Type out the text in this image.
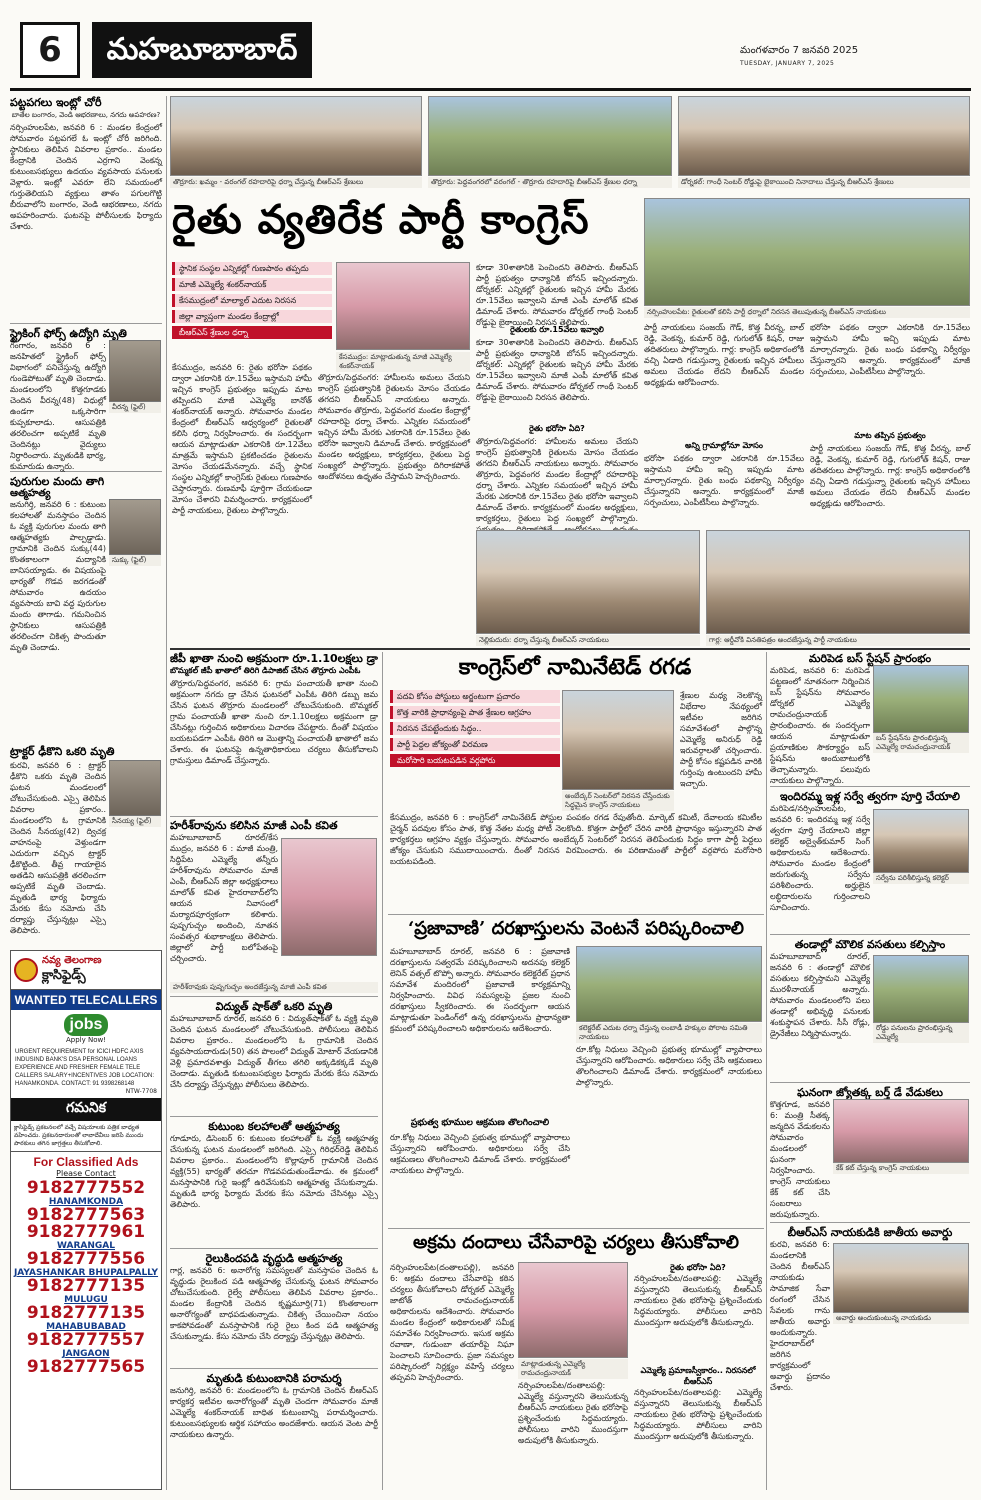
6	మహబూబాబాద్	మంగళవారం 7 జనవరి 2025
TUESDAY, JANUARY 7, 2025
పట్టపగలు ఇంట్లో చోరీ
బాతేల బంగారం, వెండి ఆభరణాలు, నగదు అపహరణ?
నర్సింహులపేట, జనవరి 6 : మండల కేంద్రంలో సోమవారం పట్టపగలే ఓ ఇంట్లో చోరీ జరిగింది. స్థానికులు తెలిపిన వివరాల ప్రకారం.. మండల కేంద్రానికి చెందిన ఎర్రగాని వెంకన్న కుటుంబసభ్యులు ఉదయం వ్యవసాయ పనులకు వెళ్లారు. ఇంట్లో ఎవరూ లేని సమయంలో గుర్తుతెలియని వ్యక్తులు తాళం పగులగొట్టి బీరువాలోని బంగారం, వెండి ఆభరణాలు, నగదు అపహరించారు. ఘటనపై పోలీసులకు ఫిర్యాదు చేశారు.
స్ట్రైకింగ్ ఫోర్స్ ఉద్యోగి మృతి
గంగారం, జనవరి 6 : జనహితలో స్ట్రైకింగ్ ఫోర్స్ విభాగంలో పనిచేస్తున్న ఉద్యోగి గుండెపోటుతో మృతి చెందాడు. మండలంలోని కొత్తగూడకు చెందిన వీరన్న(48) విధుల్లో ఉండగా ఒక్కసారిగా కుప్పకూలాడు. ఆసుపత్రికి తరలించగా అప్పటికే మృతి చెందినట్లు వైద్యులు నిర్ధారించారు. మృతుడికి భార్య, కుమారుడు ఉన్నారు.
వీరన్న (ఫైల్)
పురుగుల మందు తాగి
ఆత్మహత్య
జనుగిర్తి, జనవరి 6 : కుటుంబ కలహాలతో మనస్తాపం చెందిన ఓ వ్యక్తి పురుగుల మందు తాగి ఆత్మహత్యకు పాల్పడ్డాడు. గ్రామానికి చెందిన సుక్కు(44) కొంతకాలంగా మద్యానికి బానిసయ్యాడు. ఈ విషయంపై భార్యతో గొడవ జరగడంతో సోమవారం ఉదయం వ్యవసాయ బావి వద్ద పురుగుల మందు తాగాడు. గమనించిన స్థానికులు ఆసుపత్రికి తరలించగా చికిత్స పొందుతూ మృతి చెందాడు.
సుక్కు (ఫైల్)
ట్రాక్టర్ ఢీకొని ఒకరి మృతి
కురవి, జనవరి 6 : ట్రాక్టర్ ఢీకొని ఒకరు మృతి చెందిన ఘటన మండలంలో చోటుచేసుకుంది. ఎస్సై తెలిపిన వివరాల ప్రకారం.. మండలంలోని ఓ గ్రామానికి చెందిన సీనయ్య(42) ద్విచక్ర వాహనంపై వెళ్తుండగా ఎదురుగా వచ్చిన ట్రాక్టర్ ఢీకొట్టింది. తీవ్ర గాయాలైన అతడిని ఆసుపత్రికి తరలించగా అప్పటికే మృతి చెందాడు. మృతుడి భార్య ఫిర్యాదు మేరకు కేసు నమోదు చేసి దర్యాప్తు చేస్తున్నట్లు ఎస్సై తెలిపారు.
సీనయ్య (ఫైల్)
నవ్య తెలంగాణ
క్లాసిఫైడ్స్
WANTED TELECALLERS
jobs
Apply Now!
URGENT REQUIREMENT for ICICI HDFC AXIS INDUSIND BANK'S DSA PERSONAL LOANS EXPERIENCE AND FRESHER FEMALE TELE CALLERS SALARY+INCENTIVES JOB LOCATION: HANAMKONDA. CONTACT: 91 9398268148
NTW-7708
గమనిక
క్లాసిఫైడ్స్ ప్రకటనలలో వచ్చే విషయాలకు పత్రిక బాధ్యత వహించదు. ప్రకటనదారులతో లావాదేవీలు జరిపే ముందు పాఠకులు తగిన జాగ్రత్తలు తీసుకోవాలి.
For Classified Ads
Please Contact
9182777552
HANAMKONDA
9182777563
9182777961
WARANGAL
9182777556
JAYASHANKAR BHUPALPALLY
9182777135
MULUGU
9182777135
MAHABUBABAD
9182777557
JANGAON
9182777565
తొర్రూరు: ఖమ్మం - వరంగల్ రహదారిపై ధర్నా చేస్తున్న బీఆర్ఎస్ శ్రేణులు	తొర్రూరు: పెద్దవంగరలో వరంగల్ - తొర్రూరు రహదారిపై బీఆర్ఎస్ శ్రేణుల ధర్నా	డోర్నకల్: గాంధీ సెంటర్ రోడ్డుపై బైఠాయించి నినాదాలు చేస్తున్న బీఆర్ఎస్ శ్రేణులు
రైతు వ్యతిరేక పార్టీ కాంగ్రెస్
స్థానిక సంస్థల ఎన్నికల్లో గుణపాఠం తప్పదు
మాజీ ఎమ్మెల్యే శంకర్‌నాయక్
కేసముద్రంలో మాల్యాల్ ఎదుట నిరసన
జిల్లా వ్యాప్తంగా మండల కేంద్రాల్లో
బీఆర్ఎస్ శ్రేణుల ధర్నా
కేసముద్రం: మాట్లాడుతున్న మాజీ ఎమ్మెల్యే శంకర్‌నాయక్
కేసముద్రం, జనవరి 6: రైతు భరోసా పథకం ద్వారా ఎకరానికి రూ.15వేలు ఇస్తామని హామీ ఇచ్చిన కాంగ్రెస్ ప్రభుత్వం ఇప్పుడు మాట తప్పిందని మాజీ ఎమ్మెల్యే బానోత్ శంకర్‌నాయక్ అన్నారు. సోమవారం మండల కేంద్రంలో బీఆర్ఎస్ ఆధ్వర్యంలో రైతులతో కలిసి ధర్నా నిర్వహించారు. ఈ సందర్భంగా ఆయన మాట్లాడుతూ ఎకరానికి రూ.12వేలు మాత్రమే ఇస్తామని ప్రకటించడం రైతులను మోసం చేయడమేనన్నారు. వచ్చే స్థానిక సంస్థల ఎన్నికల్లో కాంగ్రెస్‌కు రైతులు గుణపాఠం చెప్తారన్నారు. రుణమాఫీ పూర్తిగా చేయకుండా మోసం చేశారని విమర్శించారు. కార్యక్రమంలో పార్టీ నాయకులు, రైతులు పాల్గొన్నారు.
తొర్రూరు/పెద్దవంగర: హామీలను అమలు చేయని కాంగ్రెస్ ప్రభుత్వానికి రైతులను మోసం చేయడం తగదని బీఆర్ఎస్ నాయకులు అన్నారు. సోమవారం తొర్రూరు, పెద్దవంగర మండల కేంద్రాల్లో రహదారిపై ధర్నా చేశారు. ఎన్నికల సమయంలో ఇచ్చిన హామీ మేరకు ఎకరానికి రూ.15వేలు రైతు భరోసా ఇవ్వాలని డిమాండ్ చేశారు. కార్యక్రమంలో మండల అధ్యక్షులు, కార్యకర్తలు, రైతులు పెద్ద సంఖ్యలో పాల్గొన్నారు. ప్రభుత్వం దిగిరాకపోతే ఆందోళనలు ఉధృతం చేస్తామని హెచ్చరించారు.
కూడా 30శాతానికి పెంచిందని తెలిపారు. బీఆర్ఎస్ పార్టీ ప్రభుత్వం ధాన్యానికి బోనస్ ఇచ్చిందన్నారు. డోర్నకల్: ఎన్నికల్లో రైతులకు ఇచ్చిన హామీ మేరకు రూ.15వేలు ఇవ్వాలని మాజీ ఎంపీ మాలోత్ కవిత డిమాండ్ చేశారు. సోమవారం డోర్నకల్ గాంధీ సెంటర్ రోడ్డుపై బైఠాయించి నిరసన తెలిపారు.
రైతులకు రూ.15వేలు ఇవ్వాలి
కూడా 30శాతానికి పెంచిందని తెలిపారు. బీఆర్ఎస్ పార్టీ ప్రభుత్వం ధాన్యానికి బోనస్ ఇచ్చిందన్నారు. డోర్నకల్: ఎన్నికల్లో రైతులకు ఇచ్చిన హామీ మేరకు రూ.15వేలు ఇవ్వాలని మాజీ ఎంపీ మాలోత్ కవిత డిమాండ్ చేశారు. సోమవారం డోర్నకల్ గాంధీ సెంటర్ రోడ్డుపై బైఠాయించి నిరసన తెలిపారు.
రైతు భరోసా ఏది?
తొర్రూరు/పెద్దవంగర: హామీలను అమలు చేయని కాంగ్రెస్ ప్రభుత్వానికి రైతులను మోసం చేయడం తగదని బీఆర్ఎస్ నాయకులు అన్నారు. సోమవారం తొర్రూరు, పెద్దవంగర మండల కేంద్రాల్లో రహదారిపై ధర్నా చేశారు. ఎన్నికల సమయంలో ఇచ్చిన హామీ మేరకు ఎకరానికి రూ.15వేలు రైతు భరోసా ఇవ్వాలని డిమాండ్ చేశారు. కార్యక్రమంలో మండల అధ్యక్షులు, కార్యకర్తలు, రైతులు పెద్ద సంఖ్యలో పాల్గొన్నారు.
నర్సింహులపేట: రైతులతో కలిసి పార్టీ ధర్నాలో నిరసన తెలుపుతున్న బీఆర్ఎస్ నాయకులు
పార్టీ నాయకులు సంజయ్ గౌడ్, కొత్త వీరన్న, బాల్ రెడ్డి, వెంకన్న, కుమార్ రెడ్డి, గుగులోత్ కిషన్, రాజు తదితరులు పాల్గొన్నారు. గార్ల: కాంగ్రెస్ అధికారంలోకి వచ్చి ఏడాది గడుస్తున్నా రైతులకు ఇచ్చిన హామీలు అమలు చేయడం లేదని బీఆర్ఎస్ మండల అధ్యక్షుడు ఆరోపించారు.
అన్ని గ్రామాల్లోనూ మోసం
భరోసా పథకం ద్వారా ఎకరానికి రూ.15వేలు ఇస్తామని హామీ ఇచ్చి ఇప్పుడు మాట మార్చారన్నారు. రైతు బంధు పథకాన్ని నిర్వీర్యం చేస్తున్నారని అన్నారు. కార్యక్రమంలో మాజీ సర్పంచులు, ఎంపీటీసీలు పాల్గొన్నారు.
భరోసా పథకం ద్వారా ఎకరానికి రూ.15వేలు ఇస్తామని హామీ ఇచ్చి ఇప్పుడు మాట మార్చారన్నారు. రైతు బంధు పథకాన్ని నిర్వీర్యం చేస్తున్నారని అన్నారు. కార్యక్రమంలో మాజీ సర్పంచులు, ఎంపీటీసీలు పాల్గొన్నారు.
మాట తప్పిన ప్రభుత్వం
పార్టీ నాయకులు సంజయ్ గౌడ్, కొత్త వీరన్న, బాల్ రెడ్డి, వెంకన్న, కుమార్ రెడ్డి, గుగులోత్ కిషన్, రాజు తదితరులు పాల్గొన్నారు. గార్ల: కాంగ్రెస్ అధికారంలోకి వచ్చి ఏడాది గడుస్తున్నా రైతులకు ఇచ్చిన హామీలు అమలు చేయడం లేదని బీఆర్ఎస్ మండల అధ్యక్షుడు ఆరోపించారు.
నెల్లికుదురు: ధర్నా చేస్తున్న బీఆర్ఎస్ నాయకులు	గార్ల: ఆర్డీవోకి వినతిపత్రం అందజేస్తున్న పార్టీ నాయకులు
జీపీ ఖాతా నుంచి అక్రమంగా రూ.1.10లక్షలు డ్రా
బొమ్మకల్ జీపీ ఖాతాలో తిరిగి డిపాజిట్ చేసిన తొర్రూరు ఎంపీఓ
తొర్రూరు/పెద్దవంగర, జనవరి 6: గ్రామ పంచాయతీ ఖాతా నుంచి అక్రమంగా నగదు డ్రా చేసిన ఘటనలో ఎంపీఓ తిరిగి డబ్బు జమ చేసిన ఘటన తొర్రూరు మండలంలో చోటుచేసుకుంది. బొమ్మకల్ గ్రామ పంచాయతీ ఖాతా నుంచి రూ.1.10లక్షలు అక్రమంగా డ్రా చేసినట్లు గుర్తించిన అధికారులు విచారణ చేపట్టారు. దీంతో విషయం బయటపడగా ఎంపీఓ తిరిగి ఆ మొత్తాన్ని పంచాయతీ ఖాతాలో జమ చేశారు. ఈ ఘటనపై ఉన్నతాధికారులు చర్యలు తీసుకోవాలని గ్రామస్తులు డిమాండ్ చేస్తున్నారు.
హరీశ్‌రావును కలిసిన మాజీ ఎంపీ కవిత
మహబూబాబాద్ రూరల్/కేస ముద్రం, జనవరి 6 : మాజీ మంత్రి, సిద్దిపేట ఎమ్మెల్యే తన్నీరు హరీశ్‌రావును సోమవారం మాజీ ఎంపీ, బీఆర్ఎస్ జిల్లా అధ్యక్షురాలు మాలోత్ కవిత హైదరాబాద్‌లోని ఆయన నివాసంలో మర్యాదపూర్వకంగా కలిశారు. పుష్పగుచ్ఛం అందించి, నూతన సంవత్సర శుభాకాంక్షలు తెలిపారు. జిల్లాలో పార్టీ బలోపేతంపై చర్చించారు.
హరీశ్‌రావుకు పుష్పగుచ్ఛం అందజేస్తున్న మాజీ ఎంపీ కవిత
విద్యుత్ షాక్‌తో ఒకరి మృతి
మహబూబాబాద్ రూరల్, జనవరి 6 : విద్యుత్‌షాక్‌తో ఓ వ్యక్తి మృతి చెందిన ఘటన మండలంలో చోటుచేసుకుంది. పోలీసులు తెలిపిన వివరాల ప్రకారం.. మండలంలోని ఓ గ్రామానికి చెందిన వ్యవసాయదారుడు(50) తన పొలంలో విద్యుత్ మోటార్ వేయడానికి వెళ్లి ప్రమాదవశాత్తు విద్యుత్ తీగలు తగిలి అక్కడికక్కడే మృతి చెందాడు. మృతుడి కుటుంబసభ్యుల ఫిర్యాదు మేరకు కేసు నమోదు చేసి దర్యాప్తు చేస్తున్నట్లు పోలీసులు తెలిపారు.
కుటుంబ కలహాలతో ఆత్మహత్య
గూడూరు, డిసెంబర్ 6: కుటుంబ కలహాలతో ఓ వ్యక్తి ఆత్మహత్య చేసుకున్న ఘటన మండలంలో జరిగింది. ఎస్సై గిరిధర్‌రెడ్డి తెలిపిన వివరాల ప్రకారం.. మండలంలోని కొల్లాపూర్ గ్రామానికి చెందిన వ్యక్తి(55) భార్యతో తరచూ గొడవపడుతుండేవాడు. ఈ క్రమంలో మనస్తాపానికి గురై ఇంట్లో ఉరివేసుకుని ఆత్మహత్య చేసుకున్నాడు. మృతుడి భార్య ఫిర్యాదు మేరకు కేసు నమోదు చేసినట్లు ఎస్సై తెలిపారు.
రైలుకిందపడి వృద్ధుడి ఆత్మహత్య
గార్ల, జనవరి 6: అనారోగ్య సమస్యలతో మనస్తాపం చెందిన ఓ వృద్ధుడు రైలుకింద పడి ఆత్మహత్య చేసుకున్న ఘటన సోమవారం చోటుచేసుకుంది. రైల్వే పోలీసులు తెలిపిన వివరాల ప్రకారం.. మండల కేంద్రానికి చెందిన కృష్ణమూర్తి(71) కొంతకాలంగా అనారోగ్యంతో బాధపడుతున్నాడు. చికిత్స చేయించినా నయం కాకపోవడంతో మనస్తాపానికి గురై రైలు కింద పడి ఆత్మహత్య చేసుకున్నాడు. కేసు నమోదు చేసి దర్యాప్తు చేస్తున్నట్లు తెలిపారు.
మృతుడి కుటుంబానికి పరామర్శ
జనుగిర్తి, జనవరి 6: మండలంలోని ఓ గ్రామానికి చెందిన బీఆర్ఎస్ కార్యకర్త ఇటీవల అనారోగ్యంతో మృతి చెందగా సోమవారం మాజీ ఎమ్మెల్యే శంకర్‌నాయక్ బాధిత కుటుంబాన్ని పరామర్శించారు. కుటుంబసభ్యులకు ఆర్థిక సహాయం అందజేశారు. ఆయన వెంట పార్టీ నాయకులు ఉన్నారు.
కాంగ్రెస్‌లో నామినేటెడ్ రగడ
పదవి కోసం పోస్టులు అర్జంటుగా ప్రచారం
కొత్త వారికి ప్రాధాన్యంపై పాత శ్రేణుల ఆగ్రహం
నిరసన చేపట్టేందుకు సిద్ధం..
పార్టీ పెద్దల జోక్యంతో విరమణ
మరోసారి బయటపడిన వర్గపోరు
అంబేద్కర్ సెంటర్‌లో నిరసన చేస్తేందుకు సిద్ధమైన కాంగ్రెస్ నాయకులు
శ్రేణుల మధ్య నెలకొన్న విభేదాల నేపథ్యంలో ఇటీవల జరిగిన సమావేశంలో పాల్గొన్న ఎమ్మెల్యే అనిరుధ్ రెడ్డి ఇరువర్గాలతో చర్చించారు. పార్టీ కోసం కష్టపడిన వారికి గుర్తింపు ఉంటుందని హామీ ఇచ్చారు.
కేసముద్రం, జనవరి 6 : కాంగ్రెస్‌లో నామినేటెడ్ పోస్టుల పంపకం రగడ రేపుతోంది. మార్కెట్ కమిటీ, దేవాలయ కమిటీల చైర్మన్ పదవుల కోసం పాత, కొత్త నేతల మధ్య పోటీ నెలకొంది. కొత్తగా పార్టీలో చేరిన వారికి ప్రాధాన్యం ఇస్తున్నారని పాత కార్యకర్తలు ఆగ్రహం వ్యక్తం చేస్తున్నారు. సోమవారం అంబేద్కర్ సెంటర్‌లో నిరసన తెలిపేందుకు సిద్ధం కాగా పార్టీ పెద్దలు జోక్యం చేసుకుని సముదాయించారు. దీంతో నిరసన విరమించారు. ఈ పరిణామంతో పార్టీలో వర్గపోరు మరోసారి బయటపడింది.
‘ప్రజావాణి’ దరఖాస్తులను వెంటనే పరిష్కరించాలి
మహబూబాబాద్ రూరల్, జనవరి 6 : ప్రజావాణి దరఖాస్తులను సత్వరమే పరిష్కరించాలని అదనపు కలెక్టర్ లెనిన్ వత్సల్ టొప్పో అన్నారు. సోమవారం కలెక్టరేట్ ప్రధాన సమావేశ మందిరంలో ప్రజావాణి కార్యక్రమాన్ని నిర్వహించారు. వివిధ సమస్యలపై ప్రజల నుంచి దరఖాస్తులు స్వీకరించారు. ఈ సందర్భంగా ఆయన మాట్లాడుతూ పెండింగ్‌లో ఉన్న దరఖాస్తులను ప్రాధాన్యతా క్రమంలో పరిష్కరించాలని అధికారులను ఆదేశించారు.	కలెక్టరేట్ ఎదుట ధర్నా చేస్తున్న లంబాడీ హక్కుల పోరాట సమితి నాయకులు
ప్రభుత్వ భూముల ఆక్రమణ తొలగించాలి
రూ.కోట్ల నిధులు వెచ్చించి ప్రభుత్వ భూముల్లో వ్యాపారాలు చేస్తున్నారని ఆరోపించారు. అధికారులు సర్వే చేసి ఆక్రమణలు తొలగించాలని డిమాండ్ చేశారు. కార్యక్రమంలో నాయకులు పాల్గొన్నారు.
రూ.కోట్ల నిధులు వెచ్చించి ప్రభుత్వ భూముల్లో వ్యాపారాలు చేస్తున్నారని ఆరోపించారు. అధికారులు సర్వే చేసి ఆక్రమణలు తొలగించాలని డిమాండ్ చేశారు. కార్యక్రమంలో నాయకులు పాల్గొన్నారు.
అక్రమ దందాలు చేసేవారిపై చర్యలు తీసుకోవాలి
నర్సింహులపేట(దంతాలపల్లి), జనవరి 6: అక్రమ దందాలు చేసేవారిపై కఠిన చర్యలు తీసుకోవాలని డోర్నకల్ ఎమ్మెల్యే జాటోత్ రామచంద్రునాయక్ అధికారులను ఆదేశించారు. సోమవారం మండల కేంద్రంలో అధికారులతో సమీక్ష సమావేశం నిర్వహించారు. ఇసుక అక్రమ రవాణా, గుడుంబా తయారీపై నిఘా పెంచాలని సూచించారు. ప్రజా సమస్యల పరిష్కారంలో నిర్లక్ష్యం వహిస్తే చర్యలు తప్పవని హెచ్చరించారు.
మాట్లాడుతున్న ఎమ్మెల్యే రామచంద్రునాయక్
రైతు భరోసా ఏది?
నర్సింహులపేట/దంతాలపల్లి: ఎమ్మెల్యే వస్తున్నారని తెలుసుకున్న బీఆర్ఎస్ నాయకులు రైతు భరోసాపై ప్రశ్నించేందుకు సిద్ధమయ్యారు. పోలీసులు వారిని ముందస్తుగా అదుపులోకి తీసుకున్నారు.
ఎమ్మెల్యే ప్రమాణస్వీకారం.. నిరసనలో బీఆర్ఎస్
నర్సింహులపేట/దంతాలపల్లి: ఎమ్మెల్యే వస్తున్నారని తెలుసుకున్న బీఆర్ఎస్ నాయకులు రైతు భరోసాపై ప్రశ్నించేందుకు సిద్ధమయ్యారు. పోలీసులు వారిని ముందస్తుగా అదుపులోకి తీసుకున్నారు.
నర్సింహులపేట/దంతాలపల్లి: ఎమ్మెల్యే వస్తున్నారని తెలుసుకున్న బీఆర్ఎస్ నాయకులు రైతు భరోసాపై ప్రశ్నించేందుకు సిద్ధమయ్యారు. పోలీసులు వారిని ముందస్తుగా అదుపులోకి తీసుకున్నారు.
మరిపెడ బస్ స్టేషన్ ప్రారంభం
మరిపెడ, జనవరి 6: మరిపెడ పట్టణంలో నూతనంగా నిర్మించిన బస్ స్టేషన్‌ను సోమవారం డోర్నకల్ ఎమ్మెల్యే రామచంద్రునాయక్ ప్రారంభించారు. ఈ సందర్భంగా ఆయన మాట్లాడుతూ ప్రయాణికుల సౌకర్యార్థం బస్ స్టేషన్‌ను అందుబాటులోకి తెచ్చామన్నారు. పలువురు నాయకులు పాల్గొన్నారు.
బస్ స్టేషన్‌ను ప్రారంభిస్తున్న ఎమ్మెల్యే రామచంద్రునాయక్
ఇందిరమ్మ ఇళ్ల సర్వే త్వరగా పూర్తి చేయాలి
మరిపెడ/నర్సింహులపేట, జనవరి 6: ఇందిరమ్మ ఇళ్ల సర్వే త్వరగా పూర్తి చేయాలని జిల్లా కలెక్టర్ అద్వైత్‌కుమార్ సింగ్ అధికారులను ఆదేశించారు. సోమవారం మండల కేంద్రంలో జరుగుతున్న సర్వేను పరిశీలించారు. అర్హులైన లబ్ధిదారులను గుర్తించాలని సూచించారు.
సర్వేను పరిశీలిస్తున్న కలెక్టర్
తండాల్లో మౌలిక వసతులు కల్పిస్తాం
మహబూబాబాద్ రూరల్, జనవరి 6 : తండాల్లో మౌలిక వసతులు కల్పిస్తామని ఎమ్మెల్యే మురళీనాయక్ అన్నారు. సోమవారం మండలంలోని పలు తండాల్లో అభివృద్ధి పనులకు శంకుస్థాపన చేశారు. సీసీ రోడ్లు, డ్రైనేజీలు నిర్మిస్తామన్నారు.
రోడ్డు పనులను ప్రారంభిస్తున్న ఎమ్మెల్యే
ఘనంగా జ్యోతక్క బర్త్ డే వేడుకలు
కొత్తగూడ, జనవరి 6: మంత్రి సీతక్క జన్మదిన వేడుకలను సోమవారం మండలంలో ఘనంగా నిర్వహించారు. కాంగ్రెస్ నాయకులు కేక్ కట్ చేసి సంబరాలు జరుపుకున్నారు.
కేక్ కట్ చేస్తున్న కాంగ్రెస్ నాయకులు
బీఆర్ఎస్ నాయకుడికి జాతీయ అవార్డు
కురవి, జనవరి 6: మండలానికి చెందిన బీఆర్ఎస్ నాయకుడు సామాజిక సేవా రంగంలో చేసిన సేవలకు గాను జాతీయ అవార్డు అందుకున్నారు. హైదరాబాద్‌లో జరిగిన కార్యక్రమంలో అవార్డు ప్రదానం చేశారు.
అవార్డు అందుకుంటున్న నాయకుడు
